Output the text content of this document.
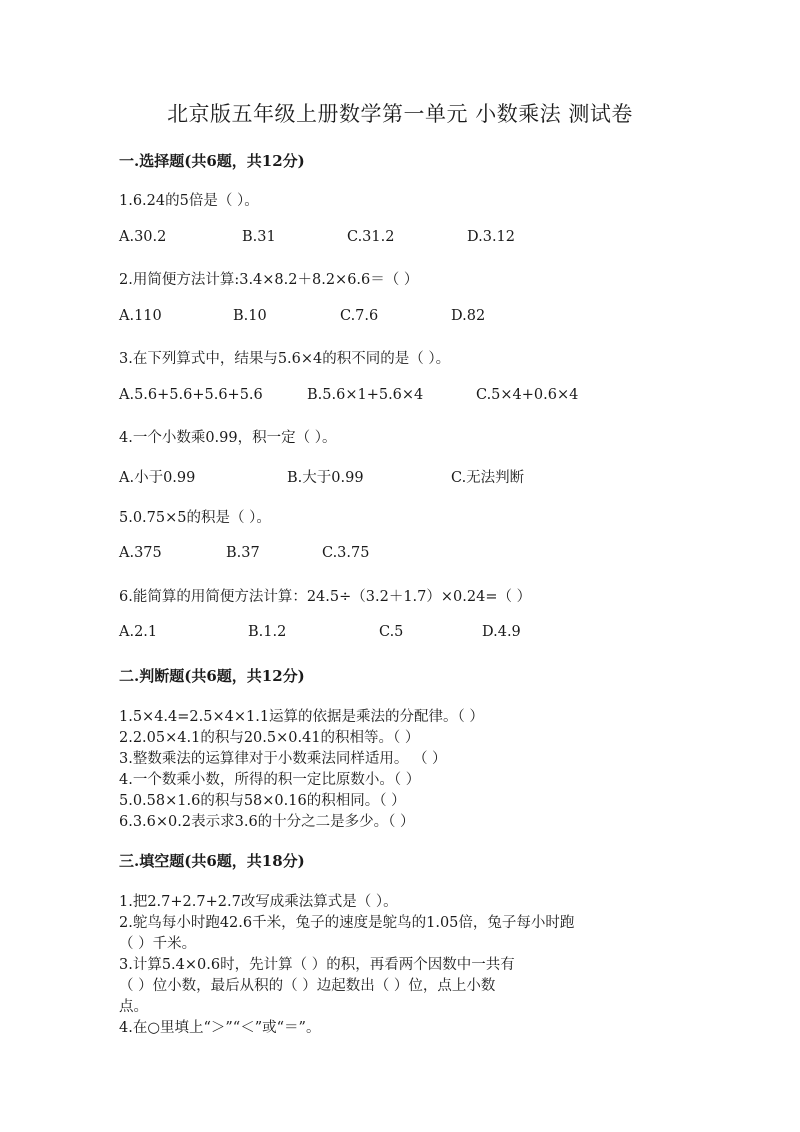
北京版五年级上册数学第一单元 小数乘法 测试卷
一.选择题(共6题，共12分)
1.6.24的5倍是（ ）。
A.30.2	B.31	C.31.2	D.3.12
2.用简便方法计算:3.4×8.2＋8.2×6.6＝（ ）
A.110	B.10	C.7.6	D.82
3.在下列算式中，结果与5.6×4的积不同的是（ ）。
A.5.6+5.6+5.6+5.6	B.5.6×1+5.6×4	C.5×4+0.6×4
4.一个小数乘0.99，积一定（ ）。
A.小于0.99	B.大于0.99	C.无法判断
5.0.75×5的积是（ ）。
A.375	B.37	C.3.75
6.能简算的用简便方法计算：24.5÷（3.2＋1.7）×0.24=（ ）
A.2.1	B.1.2	C.5	D.4.9
二.判断题(共6题，共12分)
1.5×4.4=2.5×4×1.1运算的依据是乘法的分配律。（ ）
2.2.05×4.1的积与20.5×0.41的积相等。（ ）
3.整数乘法的运算律对于小数乘法同样适用。 （ ）
4.一个数乘小数，所得的积一定比原数小。（ ）
5.0.58×1.6的积与58×0.16的积相同。（ ）
6.3.6×0.2表示求3.6的十分之二是多少。（ ）
三.填空题(共6题，共18分)
1.把2.7+2.7+2.7改写成乘法算式是（ ）。
2.鸵鸟每小时跑42.6千米，兔子的速度是鸵鸟的1.05倍，兔子每小时跑
（ ）千米。
3.计算5.4×0.6时，先计算（ ）的积，再看两个因数中一共有
（ ）位小数，最后从积的（ ）边起数出（ ）位，点上小数
点。
4.在○里填上“＞”“＜”或“＝”。
